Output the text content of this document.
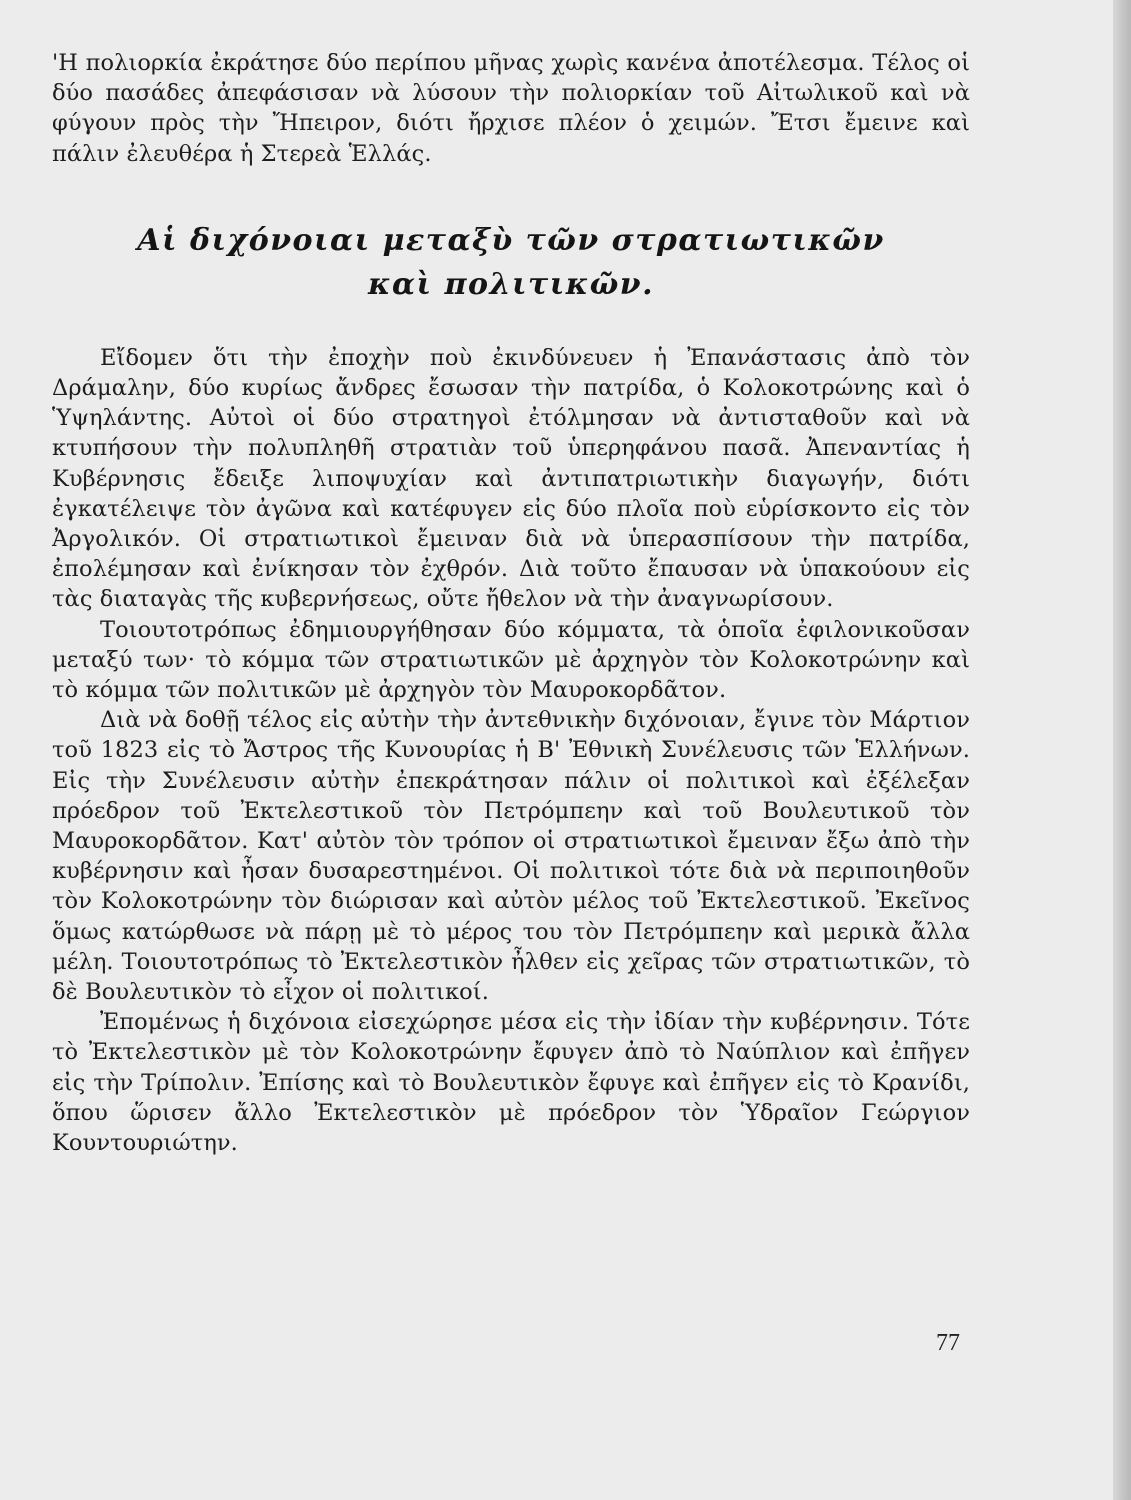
'Η πολιορκία ἐκράτησε δύο περίπου μῆνας χωρὶς κανένα ἀποτέλεσμα. Τέλος οἱ δύο πασάδες ἀπεφάσισαν νὰ λύσουν τὴν πολιορκίαν τοῦ Αἰτωλικοῦ καὶ νὰ φύγουν πρὸς τὴν Ἤπειρον, διότι ἤρχισε πλέον ὁ χειμών. Ἔτσι ἔμεινε καὶ πάλιν ἐλευθέρα ἡ Στερεὰ Ἑλλάς.

Αἱ διχόνοιαι μεταξὺ τῶν στρατιωτικῶν
καὶ πολιτικῶν.

Εἴδομεν ὅτι τὴν ἐποχὴν ποὺ ἐκινδύνευεν ἡ Ἐπανάστασις ἀπὸ τὸν Δράμαλην, δύο κυρίως ἄνδρες ἔσωσαν τὴν πατρίδα, ὁ Κολοκοτρώνης καὶ ὁ Ὑψηλάντης. Αὐτοὶ οἱ δύο στρατηγοὶ ἐτόλμησαν νὰ ἀντισταθοῦν καὶ νὰ κτυπήσουν τὴν πολυπληθῆ στρατιὰν τοῦ ὑπερηφάνου πασᾶ. Ἀπεναντίας ἡ Κυβέρνησις ἔδειξε λιποψυχίαν καὶ ἀντιπατριωτικὴν διαγωγήν, διότι ἐγκατέλειψε τὸν ἀγῶνα καὶ κατέφυγεν εἰς δύο πλοῖα ποὺ εὑρίσκοντο εἰς τὸν Ἀργολικόν. Οἱ στρατιωτικοὶ ἔμειναν διὰ νὰ ὑπερασπίσουν τὴν πατρίδα, ἐπολέμησαν καὶ ἐνίκησαν τὸν ἐχθρόν. Διὰ τοῦτο ἔπαυσαν νὰ ὑπακούουν εἰς τὰς διαταγὰς τῆς κυβερνήσεως, οὔτε ἤθελον νὰ τὴν ἀναγνωρίσουν.

Τοιουτοτρόπως ἐδημιουργήθησαν δύο κόμματα, τὰ ὁποῖα ἐφιλονικοῦσαν μεταξύ των· τὸ κόμμα τῶν στρατιωτικῶν μὲ ἀρχηγὸν τὸν Κολοκοτρώνην καὶ τὸ κόμμα τῶν πολιτικῶν μὲ ἀρχηγὸν τὸν Μαυροκορδᾶτον.

Διὰ νὰ δοθῇ τέλος εἰς αὐτὴν τὴν ἀντεθνικὴν διχόνοιαν, ἔγινε τὸν Μάρτιον τοῦ 1823 εἰς τὸ Ἄστρος τῆς Κυνουρίας ἡ Β' Ἐθνικὴ Συνέλευσις τῶν Ἑλλήνων. Εἰς τὴν Συνέλευσιν αὐτὴν ἐπεκράτησαν πάλιν οἱ πολιτικοὶ καὶ ἐξέλεξαν πρόεδρον τοῦ Ἐκτελεστικοῦ τὸν Πετρόμπεην καὶ τοῦ Βουλευτικοῦ τὸν Μαυροκορδᾶτον. Κατ' αὐτὸν τὸν τρόπον οἱ στρατιωτικοὶ ἔμειναν ἔξω ἀπὸ τὴν κυβέρνησιν καὶ ἦσαν δυσαρεστημένοι. Οἱ πολιτικοὶ τότε διὰ νὰ περιποιηθοῦν τὸν Κολοκοτρώνην τὸν διώρισαν καὶ αὐτὸν μέλος τοῦ Ἐκτελεστικοῦ. Ἐκεῖνος ὅμως κατώρθωσε νὰ πάρῃ μὲ τὸ μέρος του τὸν Πετρόμπεην καὶ μερικὰ ἄλλα μέλη. Τοιουτοτρόπως τὸ Ἐκτελεστικὸν ἦλθεν εἰς χεῖρας τῶν στρατιωτικῶν, τὸ δὲ Βουλευτικὸν τὸ εἶχον οἱ πολιτικοί.

Ἐπομένως ἡ διχόνοια εἰσεχώρησε μέσα εἰς τὴν ἰδίαν τὴν κυβέρνησιν. Τότε τὸ Ἐκτελεστικὸν μὲ τὸν Κολοκοτρώνην ἔφυγεν ἀπὸ τὸ Ναύπλιον καὶ ἐπῆγεν εἰς τὴν Τρίπολιν. Ἐπίσης καὶ τὸ Βουλευτικὸν ἔφυγε καὶ ἐπῆγεν εἰς τὸ Κρανίδι, ὅπου ὥρισεν ἄλλο Ἐκτελεστικὸν μὲ πρόεδρον τὸν Ὑδραῖον Γεώργιον Κουντουριώτην.

77
